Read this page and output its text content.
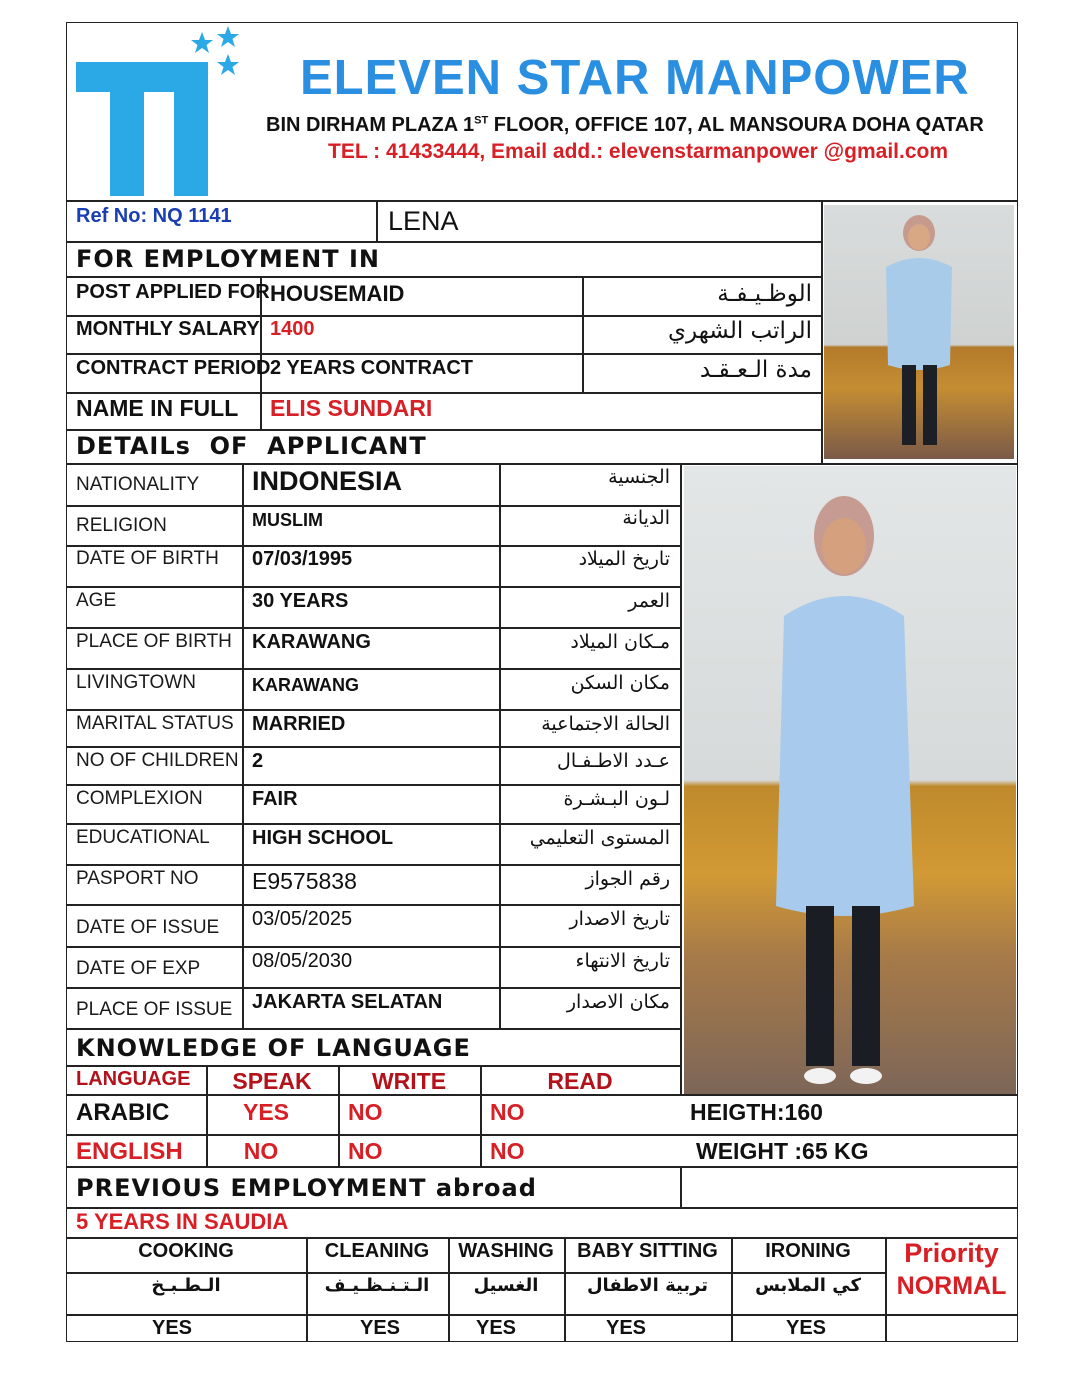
ELEVEN STAR MANPOWER
BIN DIRHAM PLAZA 1ST FLOOR, OFFICE 107, AL MANSOURA DOHA QATAR
TEL : 41433444, Email add.: elevenstarmanpower @gmail.com
Ref No: NQ 1141	LENA
FOR EMPLOYMENT IN
POST APPLIED FOR HOUSEMAID	الوظـيـفـة
MONTHLY SALARY 1400	الراتب الشهري
CONTRACT PERIOD 2 YEARS CONTRACT	مدة الـعـقـد
NAME IN FULL ELIS SUNDARI
DETAILs  OF  APPLICANT
NATIONALITY INDONESIA	الجنسية
RELIGION	MUSLIM	الديانة
DATE OF BIRTH 07/03/1995	تاريخ الميلاد
AGE	30 YEARS	العمر
PLACE OF BIRTH KARAWANG	مـكان الميلاد
LIVINGTOWN	KARAWANG	مكان السكن
MARITAL STATUS MARRIED	الحالة الاجتماعية
NO OF CHILDREN 2	عـدد الاطـفـال
COMPLEXION FAIR	لـون البـشـرة
EDUCATIONAL HIGH SCHOOL	المستوى التعليمي
PASPORT NO E9575838	رقم الجواز
DATE OF ISSUE 03/05/2025	تاريخ الاصدار
DATE OF EXP	08/05/2030	تاريخ الانتهاء
PLACE OF ISSUE JAKARTA SELATAN	مكان الاصدار
KNOWLEDGE OF LANGUAGE
LANGUAGE	SPEAK	WRITE	READ
ARABIC	YES	NO	NO
ENGLISH	NO	NO	NO
HEIGTH:160
WEIGHT :65 KG
PREVIOUS EMPLOYMENT abroad
5 YEARS IN SAUDIA
COOKING	CLEANING	WASHING	BABY SITTING	IRONING
الـطـبـخ	الـتـنـظـيـف	الغسيل	تربية الاطفال	كي الملابس
YES	YES	YES	YES	YES
Priority
NORMAL
